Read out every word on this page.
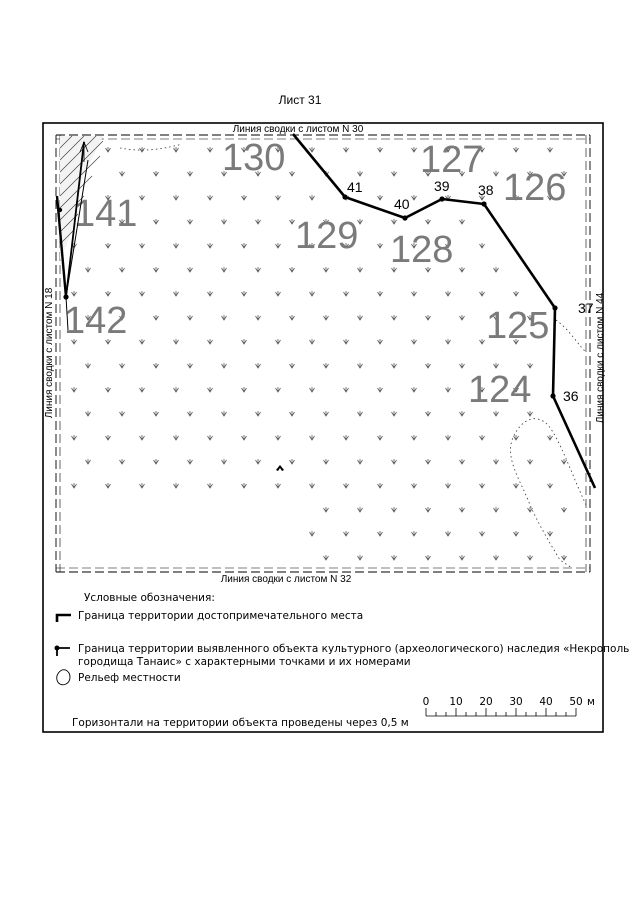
Лист 31
Линия сводки с листом N 30
Линия сводки с листом N 32
Линия сводки с листом N 18	Линия сводки с листом N 44
130	127
126
141
129 128
142	125
124
41
40
39 38
37
36
Условные обозначения:
Граница территории достопримечательного места
Граница территории выявленного объекта культурного (археологического) наследия «Некрополь
городища Танаис» с характерными точками и их номерами
Рельеф местности
Горизонтали на территории объекта проведены через 0,5 м
0 10 20 30 40 50 м
